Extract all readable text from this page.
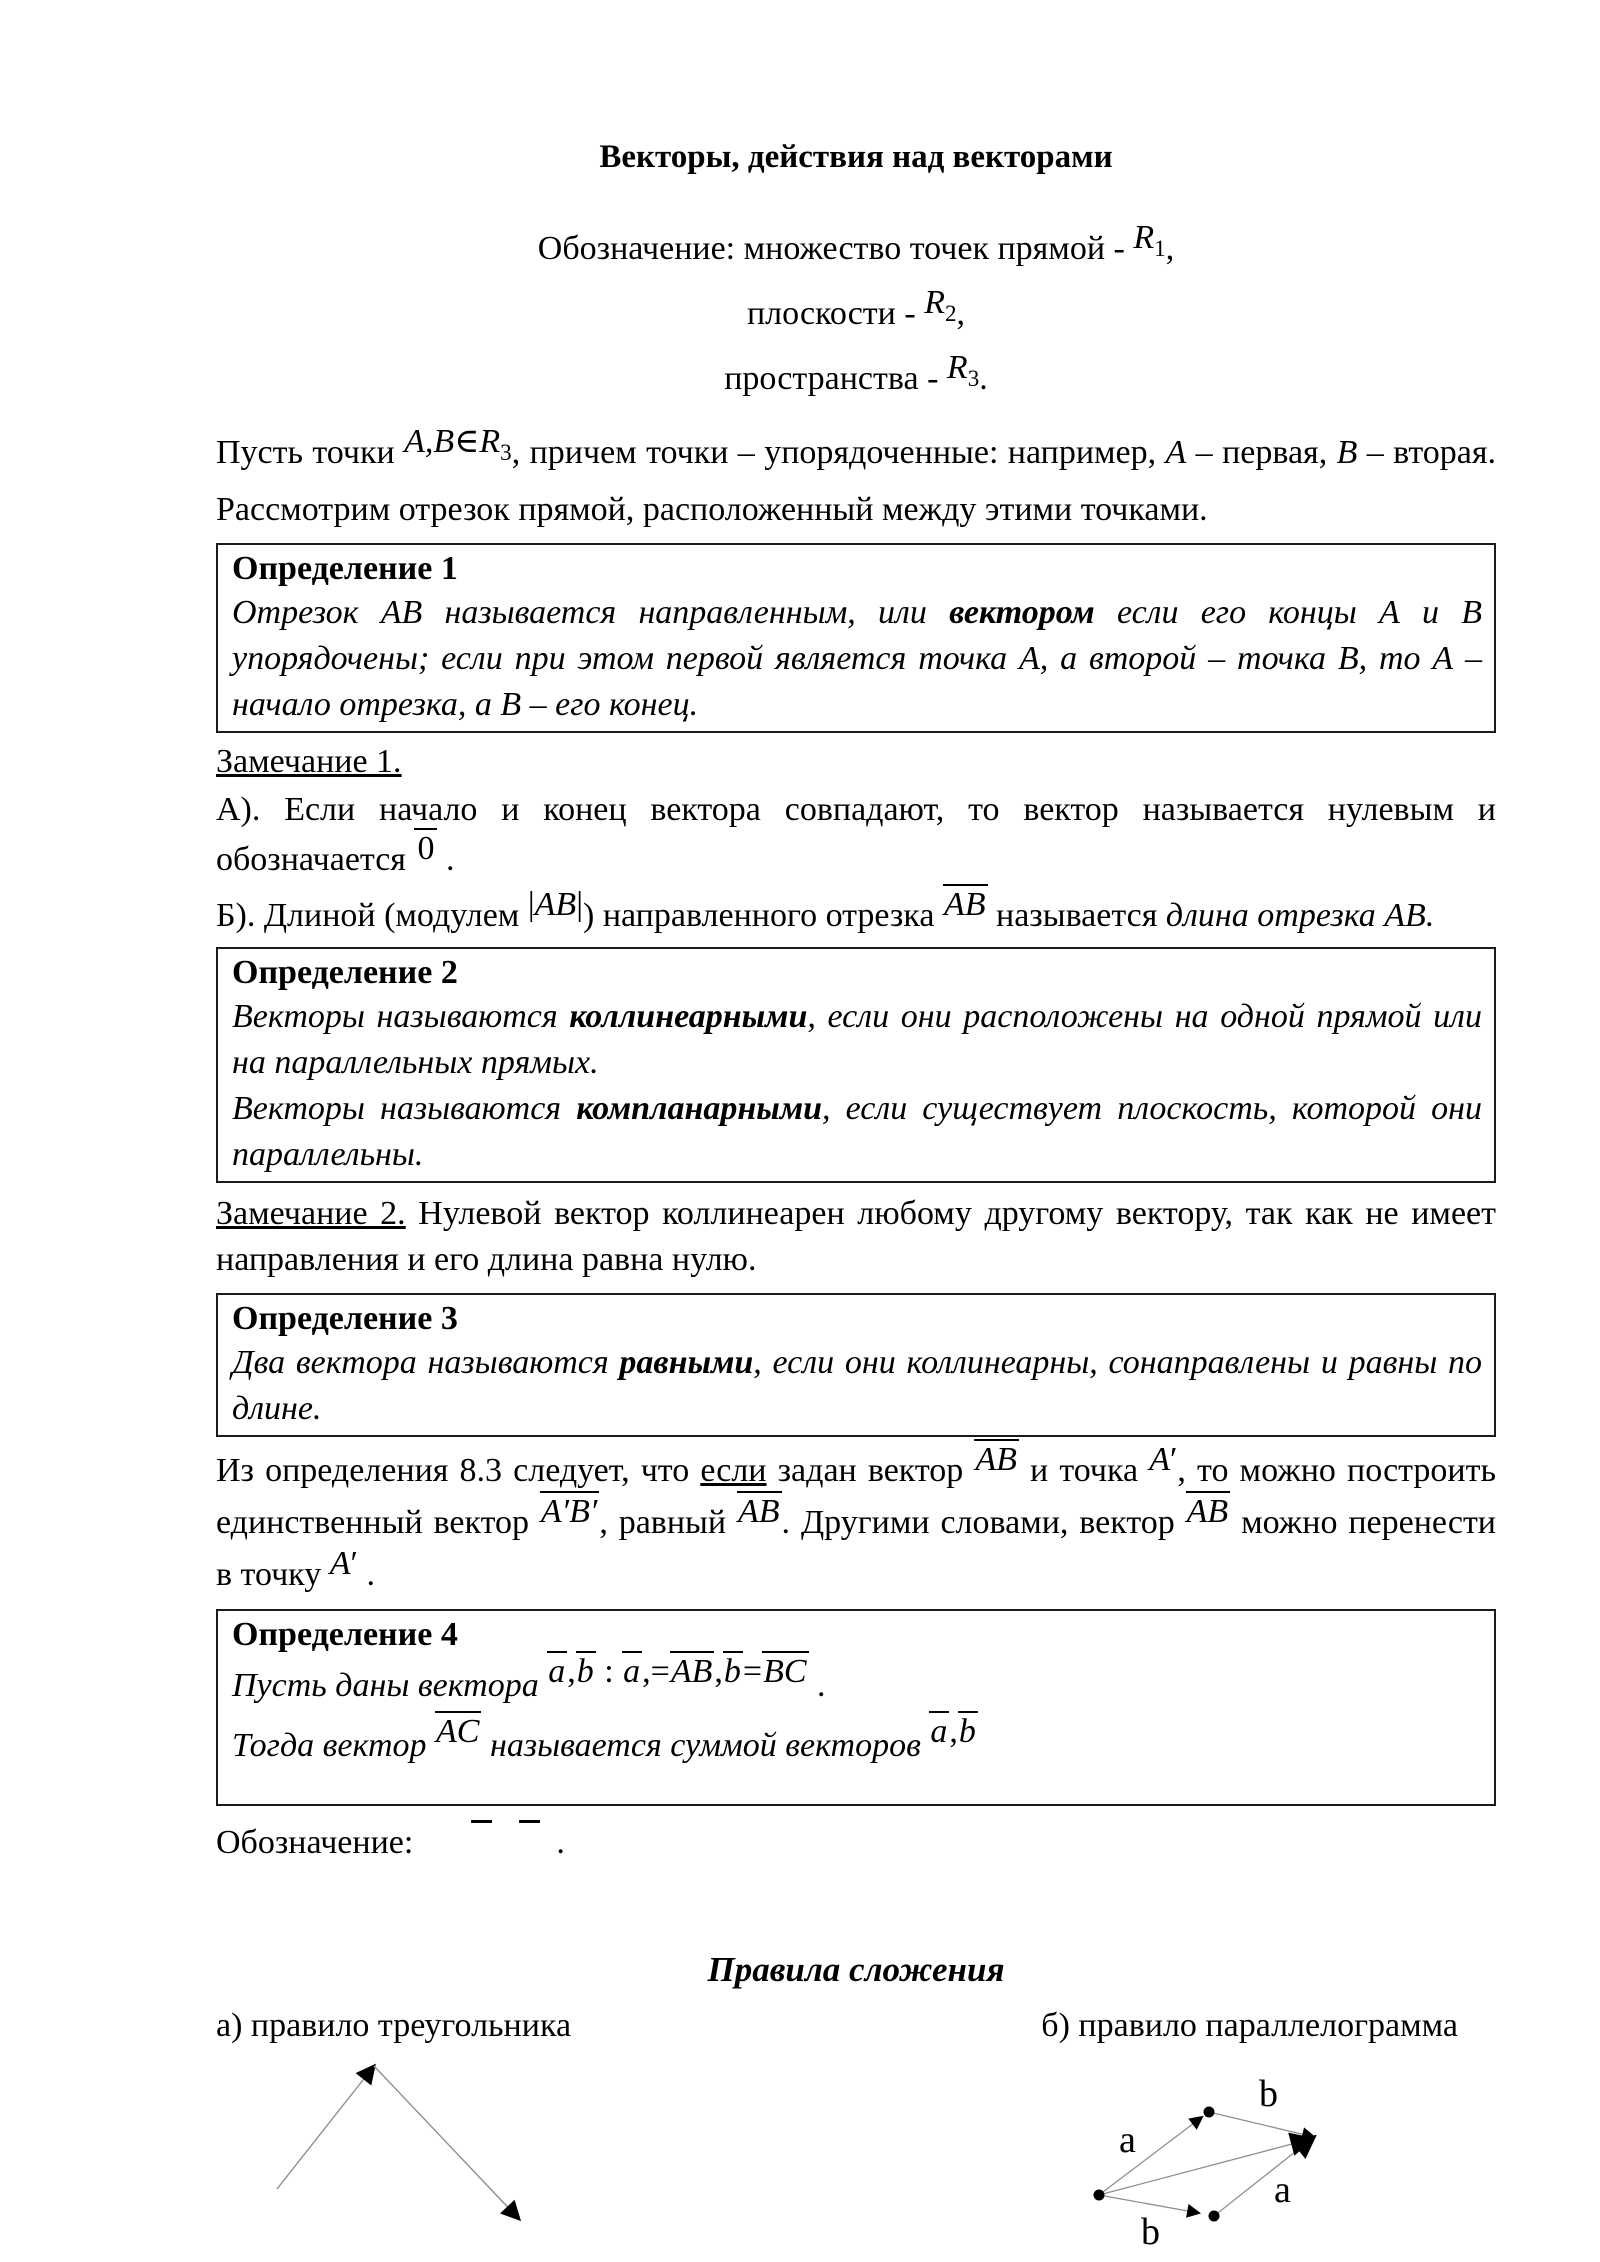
Векторы, действия над векторами
Обозначение: множество точек прямой - $R_1$,
плоскости - $R_2$,
пространства - $R_3$.

Пусть точки $A,B\in R_3$, причем точки – упорядоченные: например, A – первая, B – вторая. Рассмотрим отрезок прямой, расположенный между этими точками.

Определение 1
Отрезок АВ называется направленным, или вектором если его концы А и В упорядочены; если при этом первой является точка А, а второй – точка В, то А – начало отрезка, а В – его конец.
Замечание 1.

А). Если начало и конец вектора совпадают, то вектор называется нулевым и обозначается 0 .

Б). Длиной (модулем |AB|) направленного отрезка AB называется длина отрезка АВ.

Определение 2
Векторы называются коллинеарными, если они расположены на одной прямой или на параллельных прямых.
Векторы называются компланарными, если существует плоскость, которой они параллельны.

Замечание 2. Нулевой вектор коллинеарен любому другому вектору, так как не имеет направления и его длина равна нулю.

Определение 3
Два вектора называются равными, если они коллинеарны, сонаправлены и равны по длине.

Из определения 8.3 следует, что если задан вектор AB и точка A′, то можно построить единственный вектор A′B′, равный AB. Другими словами, вектор AB можно перенести в точку A′ .

Определение 4
Пусть даны вектора a,b : a,=AB,b=BC .
Тогда вектор AC называется суммой векторов a,b

Обозначение:	.

Правила сложения
а) правило треугольника	б) правило параллелограмма
a
b
a
b
